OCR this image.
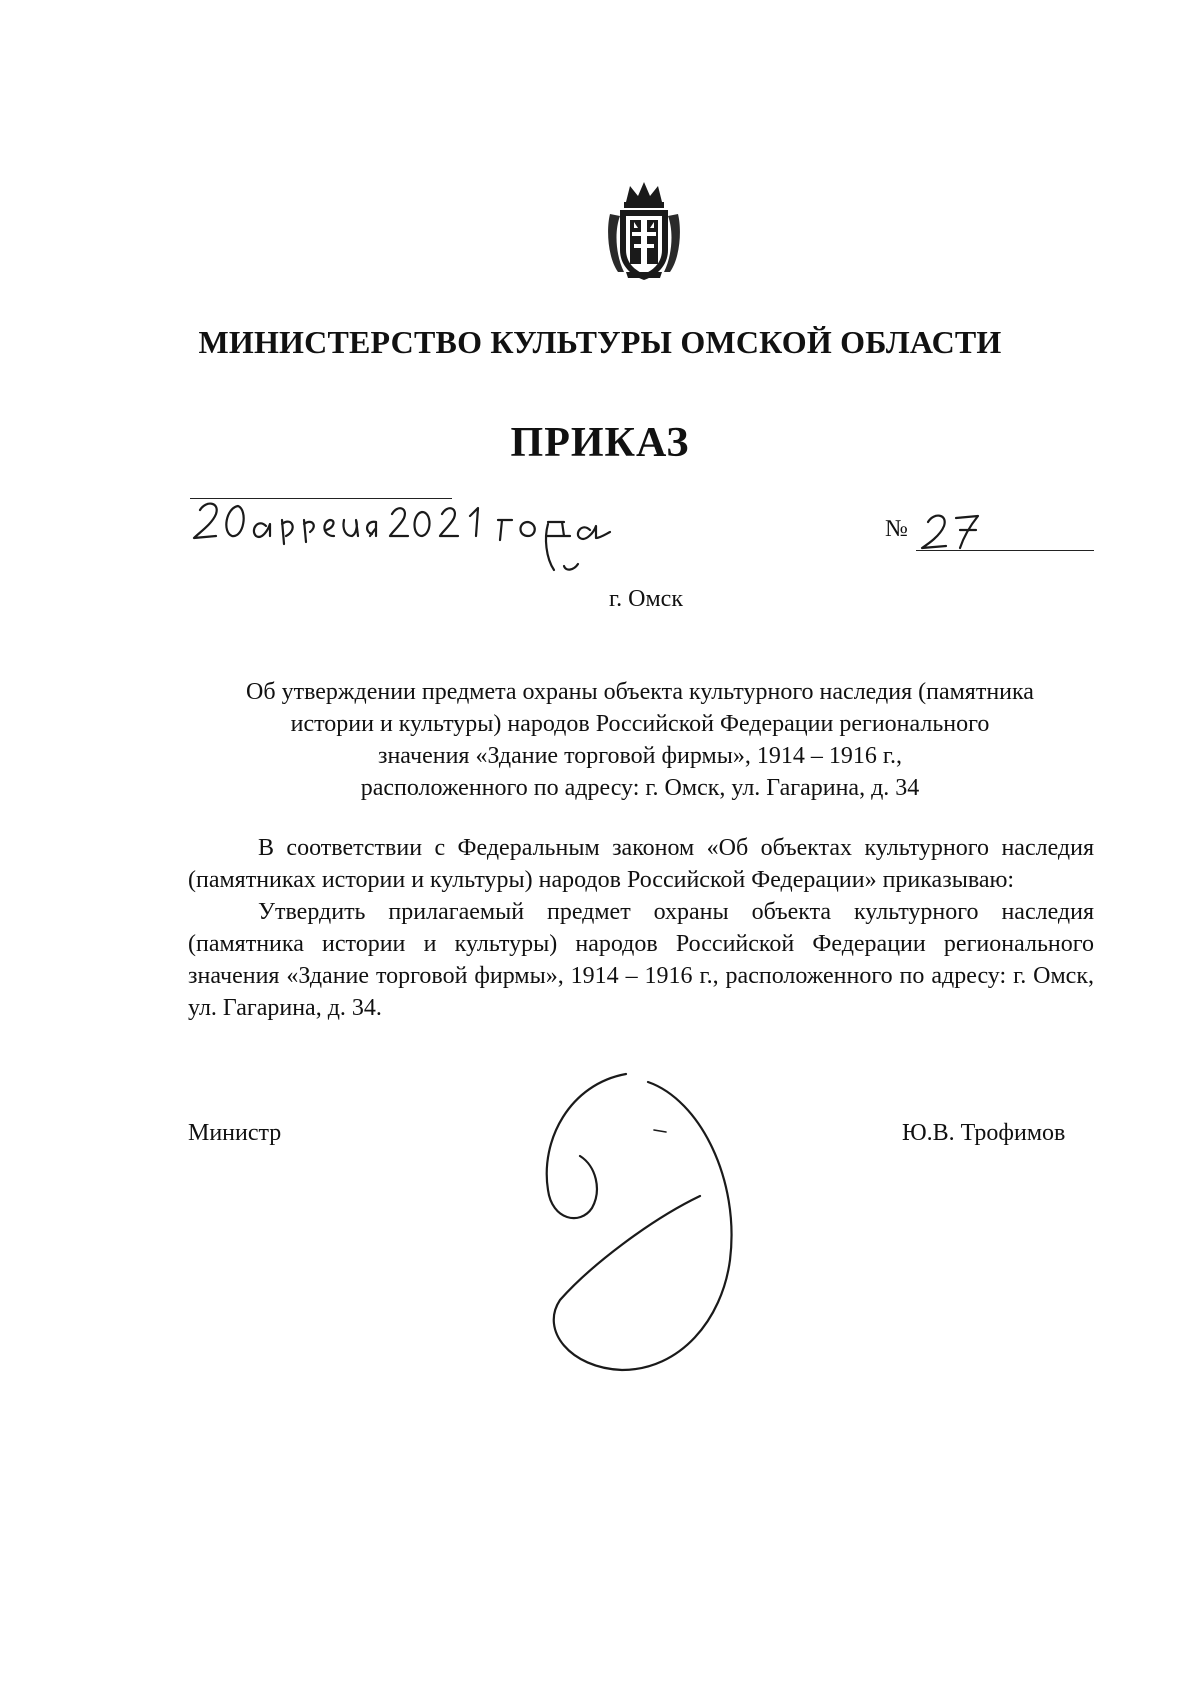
МИНИСТЕРСТВО КУЛЬТУРЫ ОМСКОЙ ОБЛАСТИ
ПРИКАЗ
№
г. Омск
Об утверждении предмета охраны объекта культурного наследия (памятника
истории и культуры) народов Российской Федерации регионального
значения «Здание торговой фирмы», 1914 – 1916 г.,
расположенного по адресу: г. Омск, ул. Гагарина, д. 34

В соответствии с Федеральным законом «Об объектах культурного наследия (памятниках истории и культуры) народов Российской Федерации» приказываю:

Утвердить прилагаемый предмет охраны объекта культурного наследия (памятника истории и культуры) народов Российской Федерации регионального значения «Здание торговой фирмы», 1914 – 1916 г., расположенного по адресу: г. Омск, ул. Гагарина, д. 34.

Министр	Ю.В. Трофимов
